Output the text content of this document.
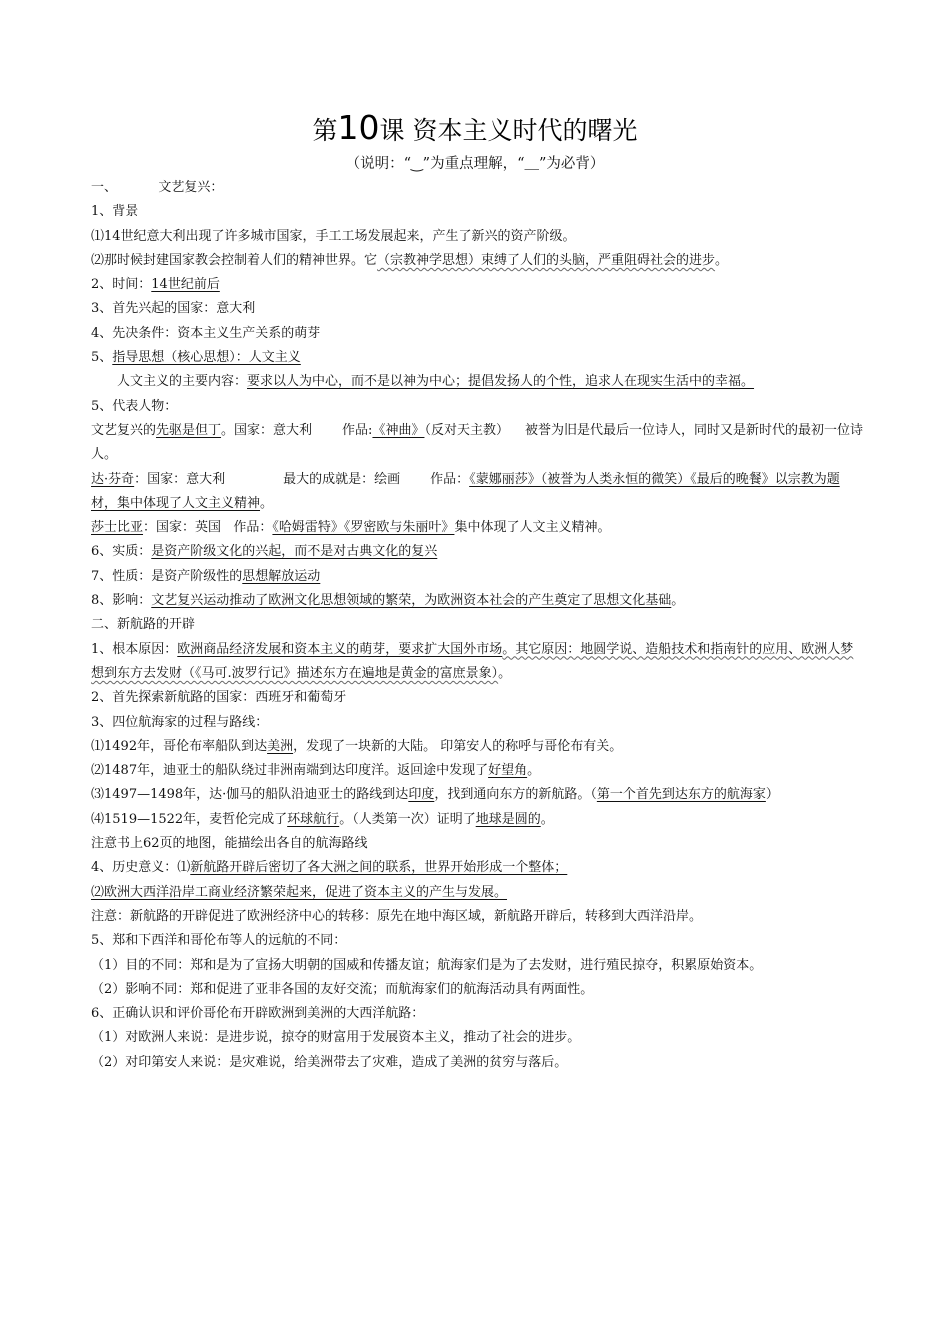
第10课 资本主义时代的曙光
（说明：“‿”为重点理解，“＿”为必背）
一、          文艺复兴：
1、背景
⑴14世纪意大利出现了许多城市国家，手工工场发展起来，产生了新兴的资产阶级。
⑵那时候封建国家教会控制着人们的精神世界。它（宗教神学思想）束缚了人们的头脑，严重阻碍社会的进步。
2、时间：14世纪前后
3、首先兴起的国家：意大利
4、先决条件：资本主义生产关系的萌芽
5、指导思想（核心思想）：人文主义
人文主义的主要内容：要求以人为中心，而不是以神为中心；提倡发扬人的个性，追求人在现实生活中的幸福。
5、代表人物：
文艺复兴的先驱是但丁。国家：意大利 作品:《神曲》（反对天主教） 被誉为旧是代最后一位诗人，同时又是新时代的最初一位诗人。
达·芬奇：国家：意大利	最大的成就是：绘画 作品：《蒙娜丽莎》（被誉为人类永恒的微笑）《最后的晚餐》以宗教为题材，集中体现了人文主义精神。
莎士比亚：国家：英国   作品：《哈姆雷特》《罗密欧与朱丽叶》集中体现了人文主义精神。
6、实质：是资产阶级文化的兴起，而不是对古典文化的复兴
7、性质：是资产阶级性的思想解放运动
8、影响：文艺复兴运动推动了欧洲文化思想领域的繁荣，为欧洲资本社会的产生奠定了思想文化基础。
二、新航路的开辟
1、根本原因：欧洲商品经济发展和资本主义的萌芽，要求扩大国外市场。其它原因：地圆学说、造船技术和指南针的应用、欧洲人梦想到东方去发财（《马可.波罗行记》描述东方在遍地是黄金的富庶景象）。
2、首先探索新航路的国家：西班牙和葡萄牙
3、四位航海家的过程与路线：
⑴1492年，哥伦布率船队到达美洲，发现了一块新的大陆。 印第安人的称呼与哥伦布有关。
⑵1487年，迪亚士的船队绕过非洲南端到达印度洋。返回途中发现了好望角。
⑶1497—1498年，达·伽马的船队沿迪亚士的路线到达印度，找到通向东方的新航路。（第一个首先到达东方的航海家）
⑷1519—1522年，麦哲伦完成了环球航行。（人类第一次）证明了地球是圆的。
注意书上62页的地图，能描绘出各自的航海路线
4、历史意义：⑴新航路开辟后密切了各大洲之间的联系，世界开始形成一个整体；
⑵欧洲大西洋沿岸工商业经济繁荣起来，促进了资本主义的产生与发展。
注意：新航路的开辟促进了欧洲经济中心的转移：原先在地中海区域，新航路开辟后，转移到大西洋沿岸。
5、郑和下西洋和哥伦布等人的远航的不同：
（1）目的不同：郑和是为了宣扬大明朝的国威和传播友谊；航海家们是为了去发财，进行殖民掠夺，积累原始资本。
（2）影响不同：郑和促进了亚非各国的友好交流；而航海家们的航海活动具有两面性。
6、正确认识和评价哥伦布开辟欧洲到美洲的大西洋航路：
（1）对欧洲人来说：是进步说，掠夺的财富用于发展资本主义，推动了社会的进步。
（2）对印第安人来说：是灾难说，给美洲带去了灾难，造成了美洲的贫穷与落后。
